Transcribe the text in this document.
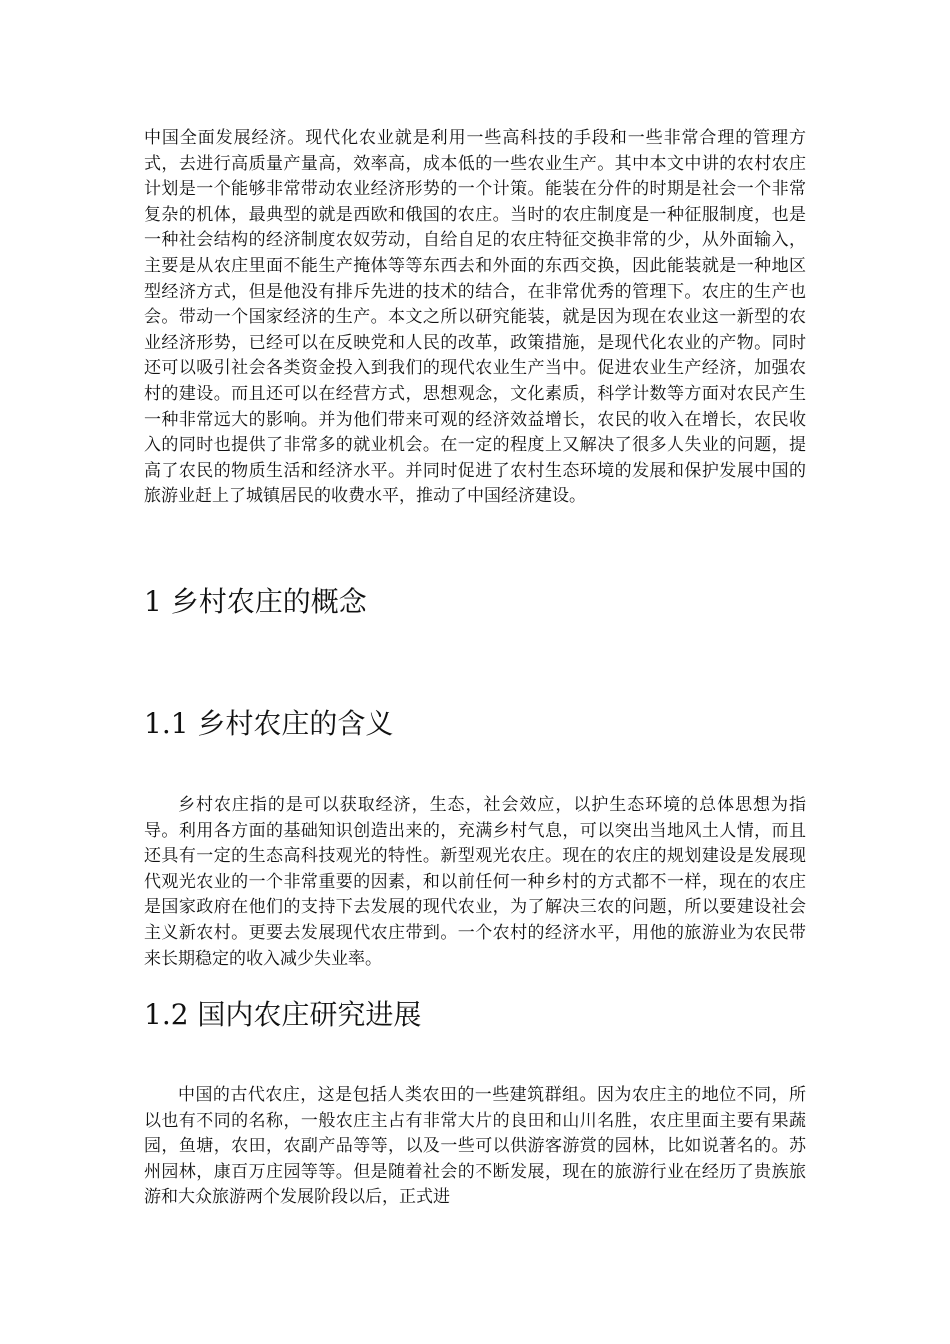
中国全面发展经济。现代化农业就是利用一些高科技的手段和一些非常合理的管理方式，去进行高质量产量高，效率高，成本低的一些农业生产。其中本文中讲的农村农庄计划是一个能够非常带动农业经济形势的一个计策。能装在分件的时期是社会一个非常复杂的机体，最典型的就是西欧和俄国的农庄。当时的农庄制度是一种征服制度，也是一种社会结构的经济制度农奴劳动，自给自足的农庄特征交换非常的少，从外面输入，主要是从农庄里面不能生产掩体等等东西去和外面的东西交换，因此能装就是一种地区型经济方式，但是他没有排斥先进的技术的结合，在非常优秀的管理下。农庄的生产也会。带动一个国家经济的生产。本文之所以研究能装，就是因为现在农业这一新型的农业经济形势，已经可以在反映党和人民的改革，政策措施，是现代化农业的产物。同时还可以吸引社会各类资金投入到我们的现代农业生产当中。促进农业生产经济，加强农村的建设。而且还可以在经营方式，思想观念，文化素质，科学计数等方面对农民产生一种非常远大的影响。并为他们带来可观的经济效益增长，农民的收入在增长，农民收入的同时也提供了非常多的就业机会。在一定的程度上又解决了很多人失业的问题，提高了农民的物质生活和经济水平。并同时促进了农村生态环境的发展和保护发展中国的旅游业赶上了城镇居民的收费水平，推动了中国经济建设。

1 乡村农庄的概念
1.1 乡村农庄的含义

乡村农庄指的是可以获取经济，生态，社会效应，以护生态环境的总体思想为指导。利用各方面的基础知识创造出来的，充满乡村气息，可以突出当地风土人情，而且还具有一定的生态高科技观光的特性。新型观光农庄。现在的农庄的规划建设是发展现代观光农业的一个非常重要的因素，和以前任何一种乡村的方式都不一样，现在的农庄是国家政府在他们的支持下去发展的现代农业，为了解决三农的问题，所以要建设社会主义新农村。更要去发展现代农庄带到。一个农村的经济水平，用他的旅游业为农民带来长期稳定的收入减少失业率。

1.2 国内农庄研究进展

中国的古代农庄，这是包括人类农田的一些建筑群组。因为农庄主的地位不同，所以也有不同的名称，一般农庄主占有非常大片的良田和山川名胜，农庄里面主要有果蔬园，鱼塘，农田，农副产品等等，以及一些可以供游客游赏的园林，比如说著名的。苏州园林，康百万庄园等等。但是随着社会的不断发展，现在的旅游行业在经历了贵族旅游和大众旅游两个发展阶段以后，正式进
